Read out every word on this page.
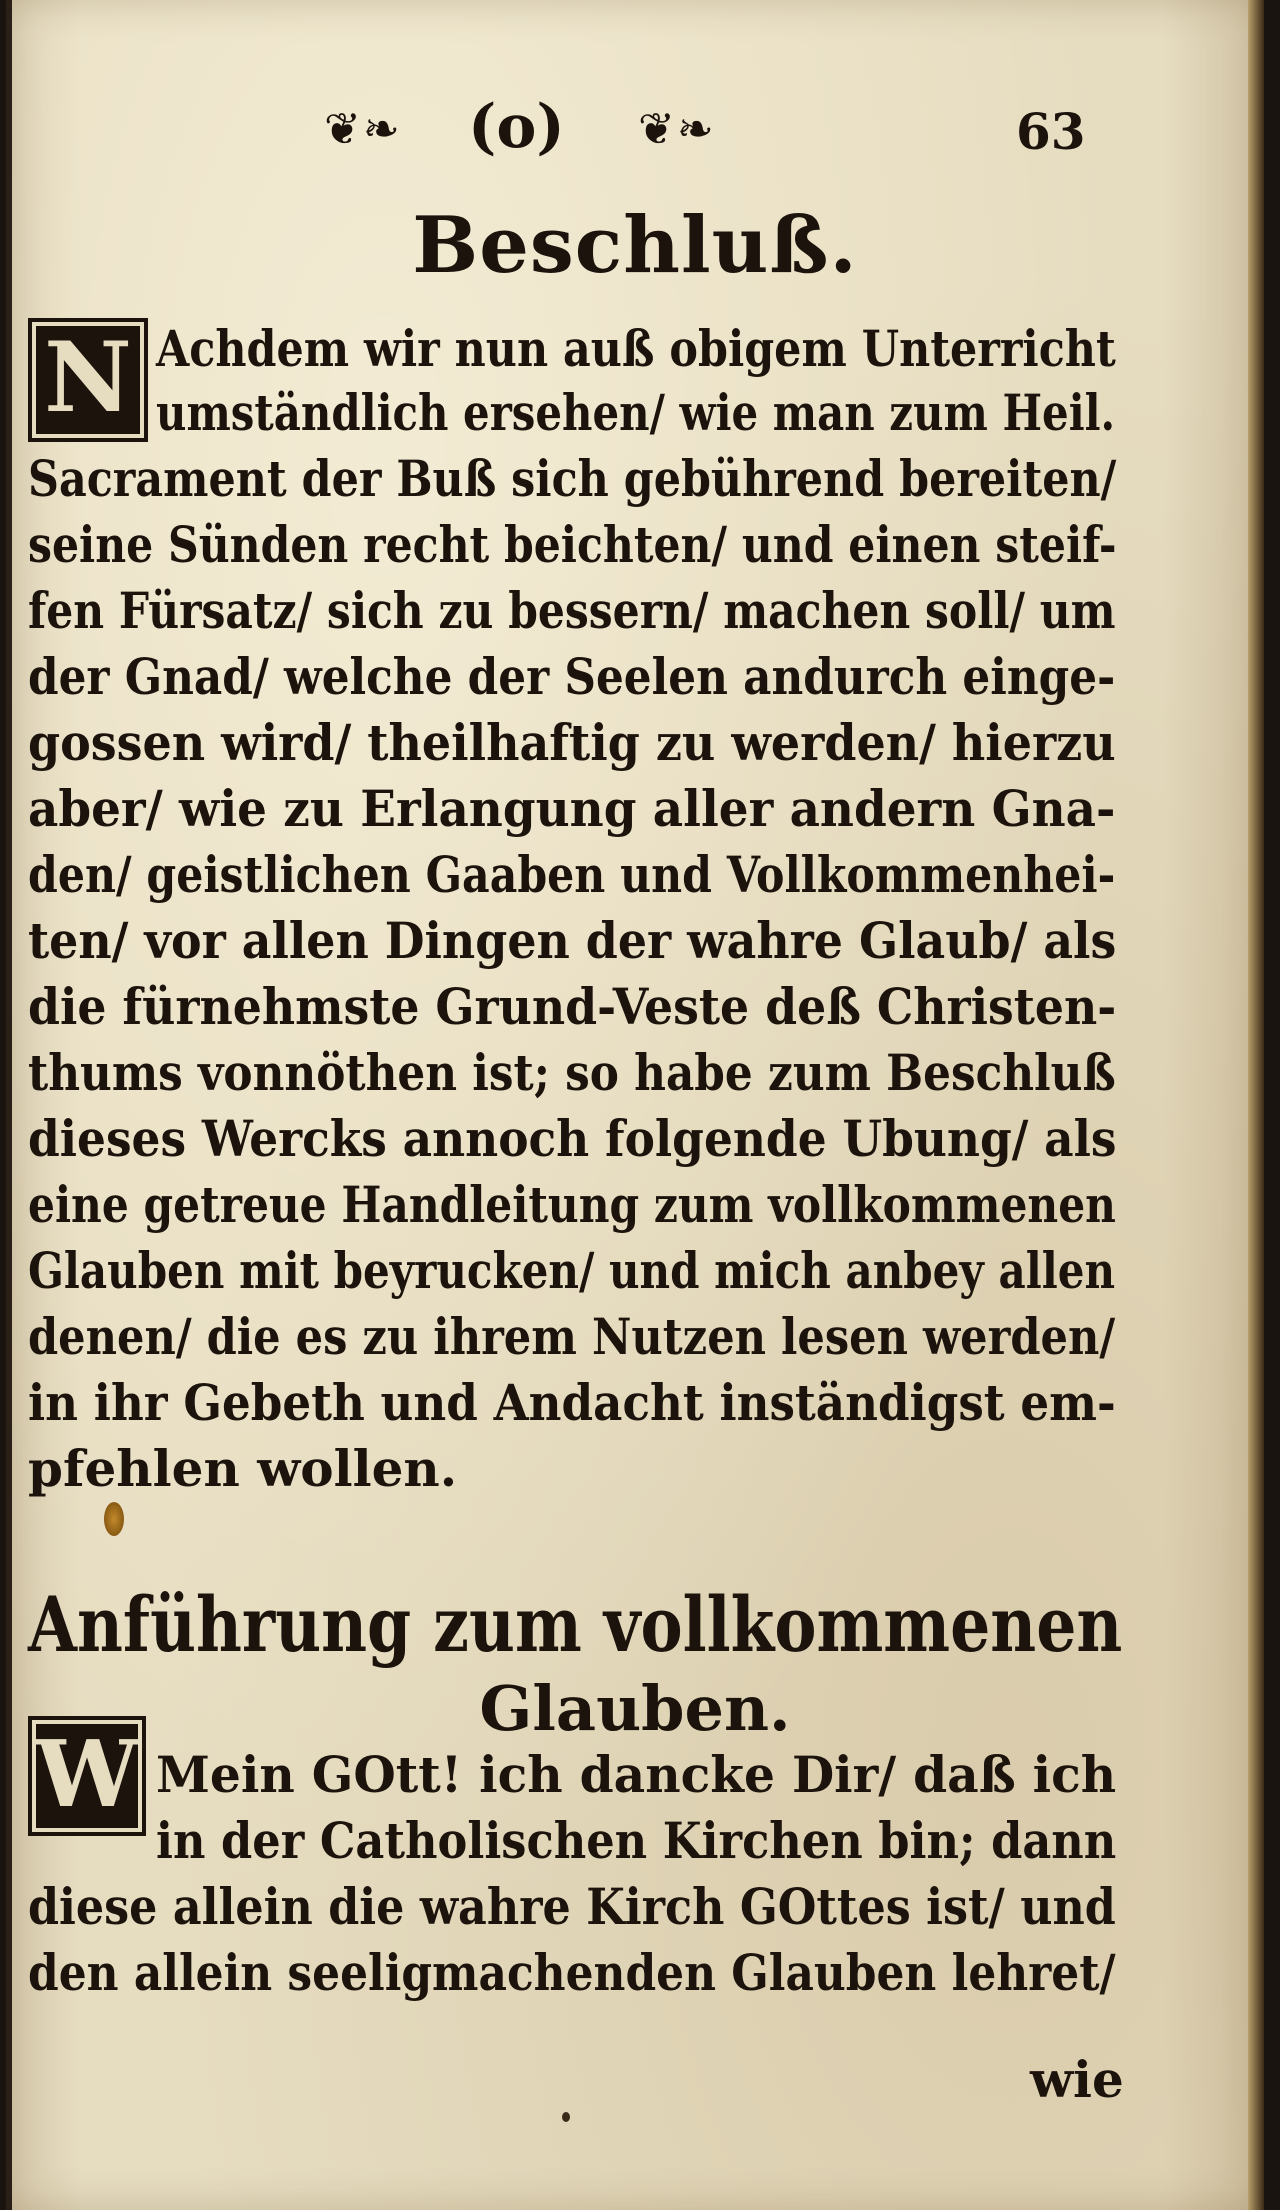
❦❧ (o) ❦❧	63
Beschluß.
N Achdem wir nun auß obigem Unterricht
umständlich ersehen/ wie man zum Heil.
Sacrament der Buß sich gebührend bereiten/
seine Sünden recht beichten/ und einen steif-
fen Fürsatz/ sich zu bessern/ machen soll/ um
der Gnad/ welche der Seelen andurch einge-
gossen wird/ theilhaftig zu werden/ hierzu
aber/ wie zu Erlangung aller andern Gna-
den/ geistlichen Gaaben und Vollkommenhei-
ten/ vor allen Dingen der wahre Glaub/ als
die fürnehmste Grund-Veste deß Christen-
thums vonnöthen ist; so habe zum Beschluß
dieses Wercks annoch folgende Ubung/ als
eine getreue Handleitung zum vollkommenen
Glauben mit beyrucken/ und mich anbey allen
denen/ die es zu ihrem Nutzen lesen werden/
in ihr Gebeth und Andacht inständigst em-
pfehlen wollen.
Anführung zum vollkommenen
Glauben.
W Mein GOtt! ich dancke Dir/ daß ich
in der Catholischen Kirchen bin; dann
diese allein die wahre Kirch GOttes ist/ und
den allein seeligmachenden Glauben lehret/
wie
